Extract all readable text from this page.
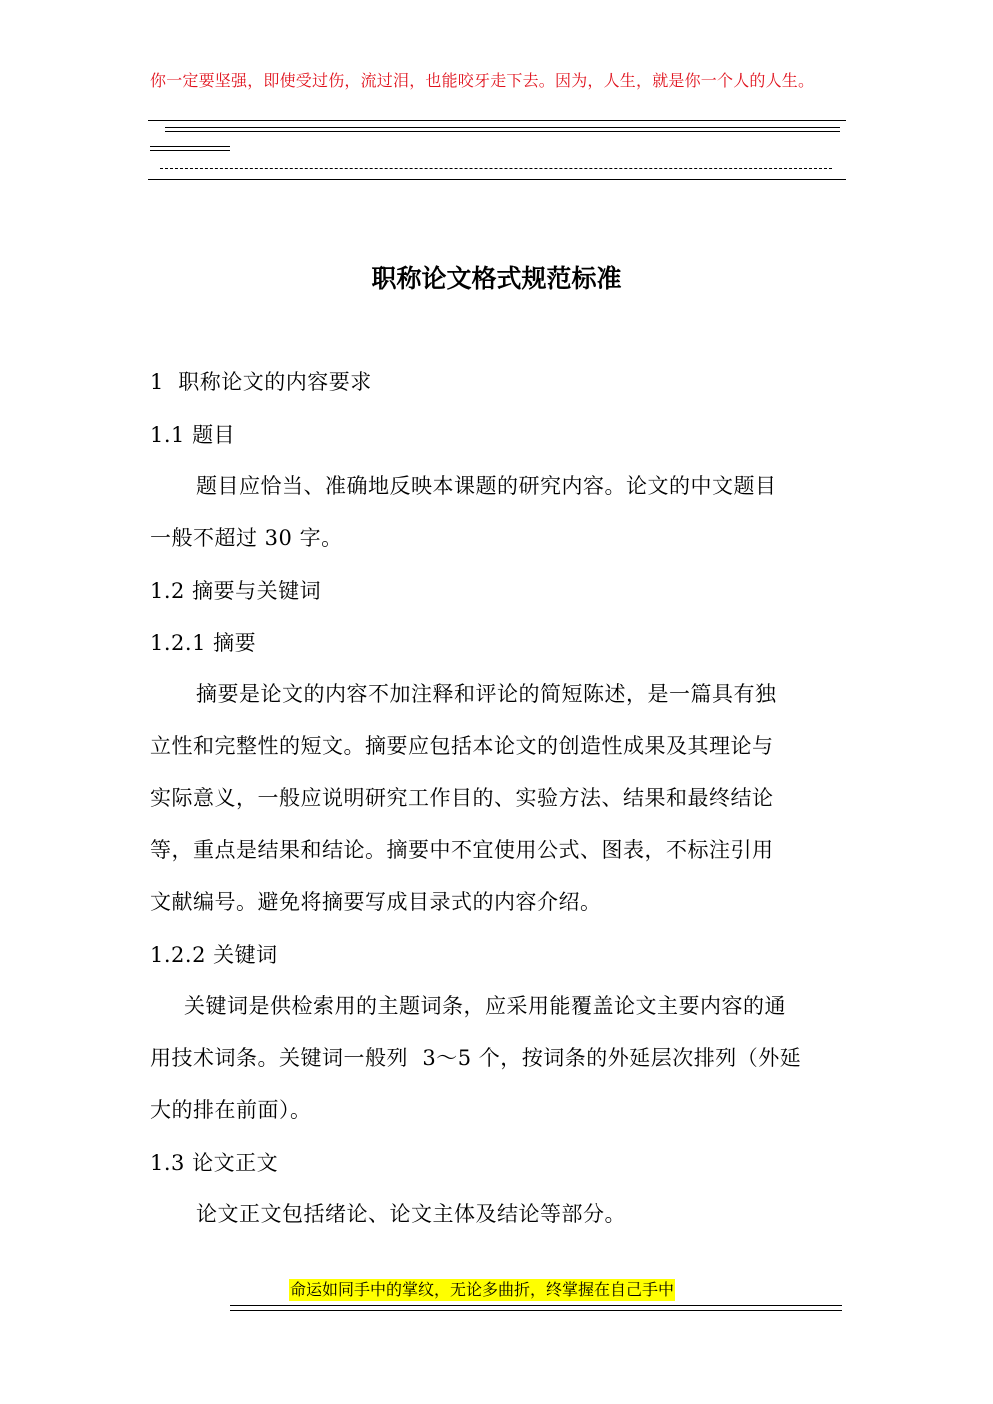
你一定要坚强，即使受过伤，流过泪，也能咬牙走下去。因为，人生，就是你一个人的人生。
职称论文格式规范标准
1  职称论文的内容要求
1.1 题目
题目应恰当、准确地反映本课题的研究内容。论文的中文题目
一般不超过 30 字。
1.2 摘要与关键词
1.2.1 摘要
摘要是论文的内容不加注释和评论的简短陈述，是一篇具有独
立性和完整性的短文。摘要应包括本论文的创造性成果及其理论与
实际意义，一般应说明研究工作目的、实验方法、结果和最终结论
等，重点是结果和结论。摘要中不宜使用公式、图表，不标注引用
文献编号。避免将摘要写成目录式的内容介绍。
1.2.2 关键词
关键词是供检索用的主题词条，应采用能覆盖论文主要内容的通
用技术词条。关键词一般列  3～5 个，按词条的外延层次排列（外延
大的排在前面）。
1.3 论文正文
论文正文包括绪论、论文主体及结论等部分。
命运如同手中的掌纹，无论多曲折，终掌握在自己手中
